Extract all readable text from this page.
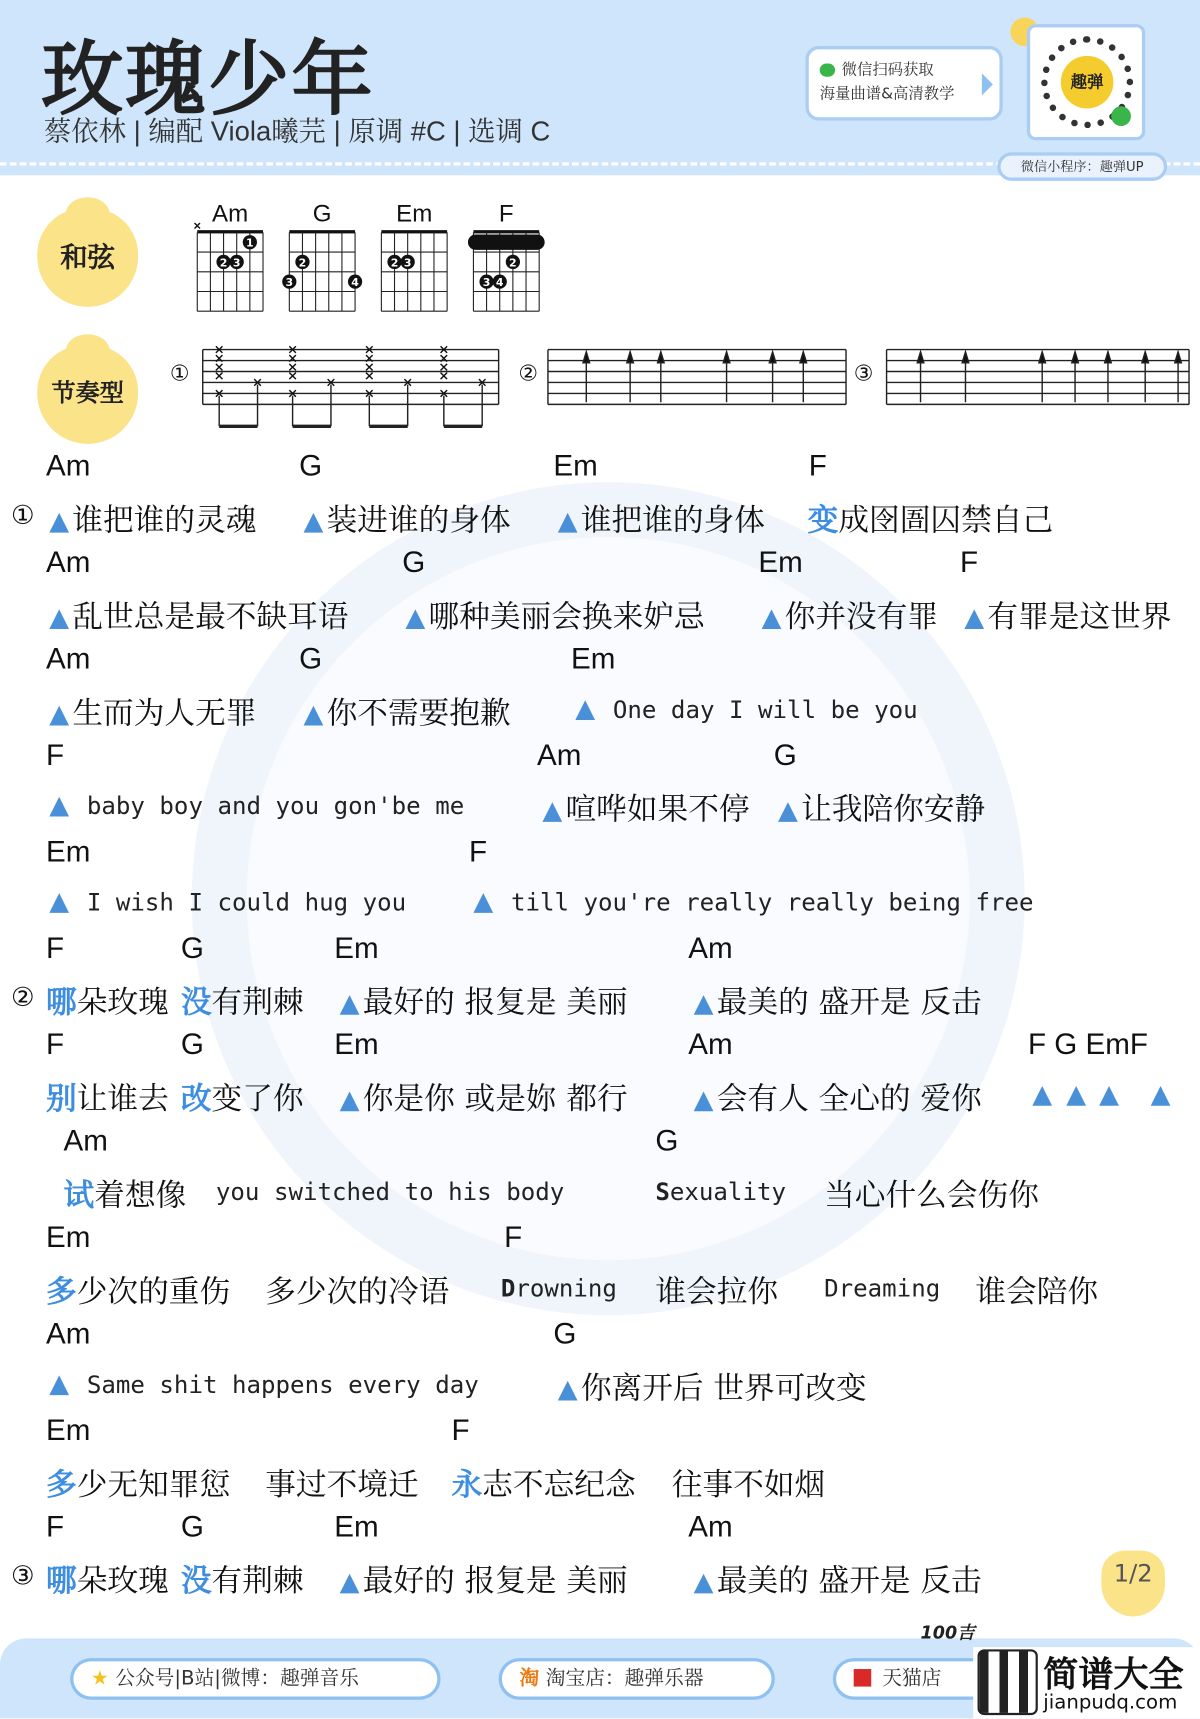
玫瑰少年
蔡依林 | 编配 Viola曦芫 | 原调 #C | 选调 C
微信扫码获取
海量曲谱&高清教学
趣弹
微信小程序：趣弹UP
和弦
节奏型
Am
1
2 3
G
2
3	4
Em
2 3
F
2
3 4
①	②	③
Am	G	Em	F
①	谁把谁的灵魂	装进谁的身体	谁把谁的身体 变成囹圄囚禁自己
Am	G	Em	F
乱世总是最不缺耳语	哪种美丽会换来妒忌	你并没有罪	有罪是这世界
Am	G	Em
生而为人无罪	你不需要抱歉	One day I will be you
F	Am	G
baby boy and you gon'be me	喧哗如果不停	让我陪你安静
Em	F
I wish I could hug you	till you're really really being free
F	G	Em	Am
② 哪朵玫瑰 没有荆棘	最好的 报复是 美丽	最美的 盛开是 反击
F	G	Em	Am	F G EmF
别让谁去 改变了你	你是你 或是妳 都行	会有人 全心的 爱你
Am	G
试着想像 you switched to his body	Sexuality 当心什么会伤你
Em	F
多少次的重伤 多少次的冷语 Drowning 谁会拉你 Dreaming 谁会陪你
Am	G
Same shit happens every day	你离开后 世界可改变
Em	F
多少无知罪愆 事过不境迁 永志不忘纪念 往事不如烟
F	G	Em	Am
③ 哪朵玫瑰 没有荆棘	最好的 报复是 美丽	最美的 盛开是 反击	1/2
★ 公众号|B站|微博：趣弹音乐	淘 淘宝店：趣弹乐器	天猫店
100吉
简谱大全
jianpudq.com
